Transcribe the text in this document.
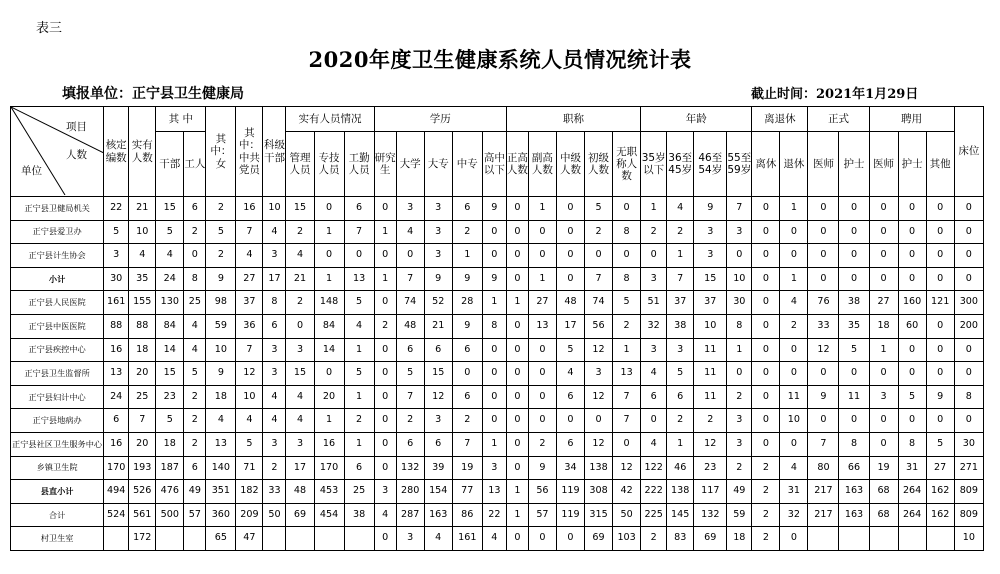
表三
2020年度卫生健康系统人员情况统计表
填报单位：正宁县卫生健康局	截止时间：2021年1月29日
项目
人数
单位	核定编数	实有人数	其 中		其中：女	其中：中共党员	科级干部	实有人员情况			学历					职称					年龄				离退休		正式		聘用			床位
			干部	工人				管理人员	专技人员	工勤人员	研究生	大学	大专	中专	高中以下	正高人数	副高人数	中级人数	初级人数	无职称人数	35岁以下	36至45岁	46至54岁	55至59岁	离休	退休	医师	护士	医师	护士	其他	
正宁县卫健局机关	22	21	15	6	2	16	10	15	0	6	0	3	3	6	9	0	1	0	5	0	1	4	9	7	0	1	0	0	0	0	0	0
正宁县爱卫办	5	10	5	2	5	7	4	2	1	7	1	4	3	2	0	0	0	0	2	8	2	2	3	3	0	0	0	0	0	0	0	0
正宁县计生协会	3	4	4	0	2	4	3	4	0	0	0	0	3	1	0	0	0	0	0	0	0	1	3	0	0	0	0	0	0	0	0	0
小计	30	35	24	8	9	27	17	21	1	13	1	7	9	9	9	0	1	0	7	8	3	7	15	10	0	1	0	0	0	0	0	0
正宁县人民医院	161	155	130	25	98	37	8	2	148	5	0	74	52	28	1	1	27	48	74	5	51	37	37	30	0	4	76	38	27	160	121	300
正宁县中医医院	88	88	84	4	59	36	6	0	84	4	2	48	21	9	8	0	13	17	56	2	32	38	10	8	0	2	33	35	18	60	0	200
正宁县疾控中心	16	18	14	4	10	7	3	3	14	1	0	6	6	6	0	0	0	5	12	1	3	3	11	1	0	0	12	5	1	0	0	0
正宁县卫生监督所	13	20	15	5	9	12	3	15	0	5	0	5	15	0	0	0	0	4	3	13	4	5	11	0	0	0	0	0	0	0	0	0
正宁县妇计中心	24	25	23	2	18	10	4	4	20	1	0	7	12	6	0	0	0	6	12	7	6	6	11	2	0	11	9	11	3	5	9	8
正宁县地病办	6	7	5	2	4	4	4	4	1	2	0	2	3	2	0	0	0	0	0	7	0	2	2	3	0	10	0	0	0	0	0	0
正宁县社区卫生服务中心	16	20	18	2	13	5	3	3	16	1	0	6	6	7	1	0	2	6	12	0	4	1	12	3	0	0	7	8	0	8	5	30
乡镇卫生院	170	193	187	6	140	71	2	17	170	6	0	132	39	19	3	0	9	34	138	12	122	46	23	2	2	4	80	66	19	31	27	271
县直小计	494	526	476	49	351	182	33	48	453	25	3	280	154	77	13	1	56	119	308	42	222	138	117	49	2	31	217	163	68	264	162	809
合计	524	561	500	57	360	209	50	69	454	38	4	287	163	86	22	1	57	119	315	50	225	145	132	59	2	32	217	163	68	264	162	809
村卫生室		172			65	47					0	3	4	161	4	0	0	0	69	103	2	83	69	18	2	0						10
